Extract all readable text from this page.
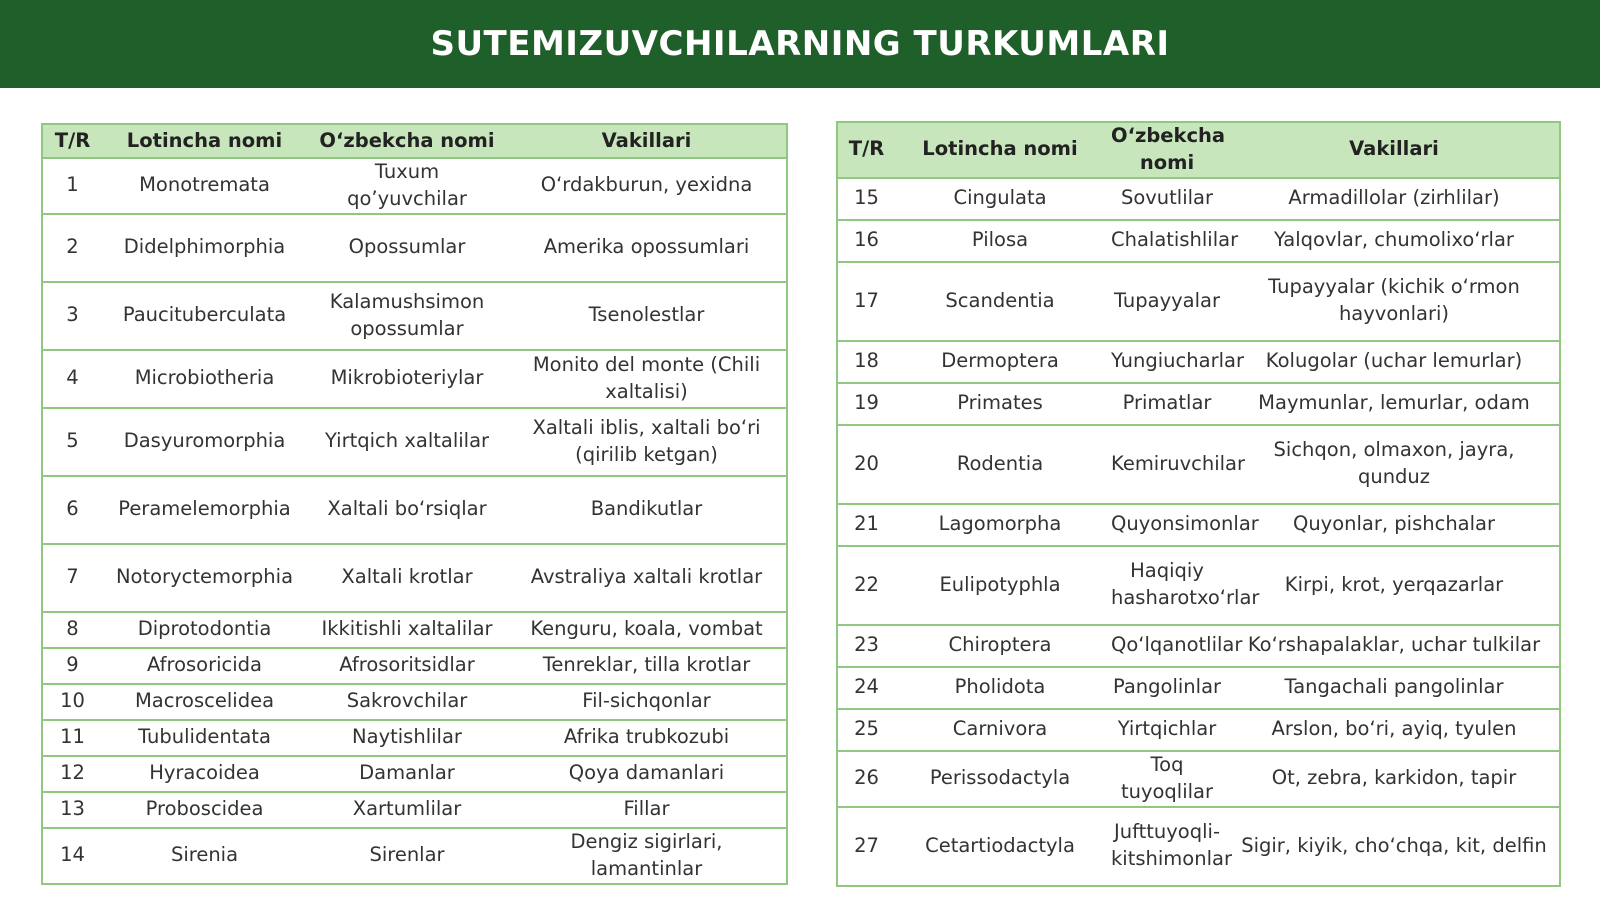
SUTEMIZUVCHILARNING TURKUMLARI
T/R	Lotincha nomi	O‘zbekcha nomi	Vakillari
1	Monotremata	Tuxum qo’yuvchilar	O‘rdakburun, yexidna
2	Didelphimorphia	Opossumlar	Amerika opossumlari
3	Paucituberculata	Kalamushsimon opossumlar	Tsenolestlar
4	Microbiotheria	Mikrobioteriylar	Monito del monte (Chili xaltalisi)
5	Dasyuromorphia	Yirtqich xaltalilar	Xaltali iblis, xaltali bo‘ri (qirilib ketgan)
6	Peramelemorphia	Xaltali bo‘rsiqlar	Bandikutlar
7	Notoryctemorphia	Xaltali krotlar	Avstraliya xaltali krotlar
8	Diprotodontia	Ikkitishli xaltalilar	Kenguru, koala, vombat
9	Afrosoricida	Afrosoritsidlar	Tenreklar, tilla krotlar
10	Macroscelidea	Sakrovchilar	Fil-sichqonlar
11	Tubulidentata	Naytishlilar	Afrika trubkozubi
12	Hyracoidea	Damanlar	Qoya damanlari
13	Proboscidea	Xartumlilar	Fillar
14	Sirenia	Sirenlar	Dengiz sigirlari, lamantinlar
T/R	Lotincha nomi	O‘zbekcha nomi	Vakillari
15	Cingulata	Sovutlilar	Armadillolar (zirhlilar)
16	Pilosa	Chalatishlilar	Yalqovlar, chumolixo‘rlar
17	Scandentia	Tupayyalar	Tupayyalar (kichik o‘rmon hayvonlari)
18	Dermoptera	Yungiucharlar	Kolugolar (uchar lemurlar)
19	Primates	Primatlar	Maymunlar, lemurlar, odam
20	Rodentia	Kemiruvchilar	Sichqon, olmaxon, jayra, qunduz
21	Lagomorpha	Quyonsimonlar	Quyonlar, pishchalar
22	Eulipotyphla	Haqiqiy hasharotxo‘rlar	Kirpi, krot, yerqazarlar
23	Chiroptera	Qo‘lqanotlilar	Ko‘rshapalaklar, uchar tulkilar
24	Pholidota	Pangolinlar	Tangachali pangolinlar
25	Carnivora	Yirtqichlar	Arslon, bo‘ri, ayiq, tyulen
26	Perissodactyla	Toq tuyoqlilar	Ot, zebra, karkidon, tapir
27	Cetartiodactyla	Jufttuyoqli-kitshimonlar	Sigir, kiyik, cho‘chqa, kit, delfin
